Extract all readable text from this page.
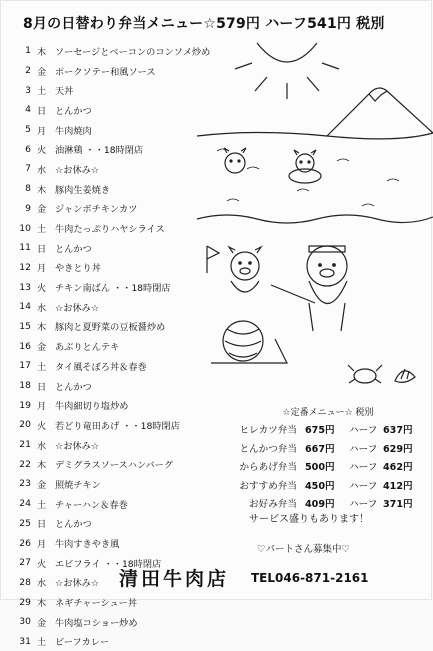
8月の日替わり弁当メニュー☆579円 ハーフ541円 税別
1 木 ソーセージとベーコンのコンソメ炒め
2 金 ポークソテー和風ソース
3 土 天丼
4 日 とんかつ
5 月 牛肉焼肉
6 火 油淋鶏 ・・18時閉店
7 水 ☆お休み☆
8 木 豚肉生姜焼き
9 金 ジャンボチキンカツ
10 土 牛肉たっぷりハヤシライス
11 日 とんかつ
12 月 やきとり丼
13 火 チキン南ばん ・・18時閉店
14 水 ☆お休み☆
15 木 豚肉と夏野菜の豆板醤炒め
16 金 あぶりとんテキ
17 土 タイ風そぼろ丼＆春巻
18 日 とんかつ
19 月 牛肉細切り塩炒め
20 火 若どり竜田あげ ・・18時閉店
21 水 ☆お休み☆
22 木 デミグラスソースハンバーグ
23 金 照焼チキン
24 土 チャーハン＆春巻
25 日 とんかつ
26 月 牛肉すきやき風
27 火 エビフライ ・・18時閉店
28 水 ☆お休み☆
29 木 ネギチャーシュー丼
30 金 牛肉塩コショー炒め
31 土 ビーフカレー
☆定番メニュー☆ 税別
ヒレカツ弁当 675円	ハーフ 637円
とんかつ弁当 667円	ハーフ 629円
からあげ弁当 500円	ハーフ 462円
おすすめ弁当 450円	ハーフ 412円
お好み弁当 409円	ハーフ 371円
サービス盛りもあります！
♡パートさん募集中♡
清田牛肉店 TEL046-871-2161
